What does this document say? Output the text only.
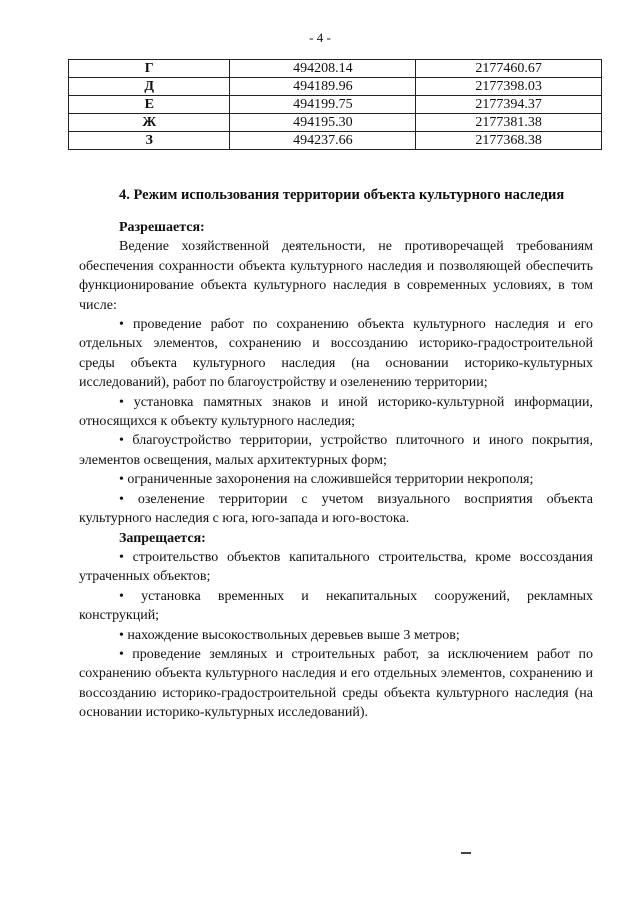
- 4 -
Г	494208.14	2177460.67
Д	494189.96	2177398.03
Е	494199.75	2177394.37
Ж	494195.30	2177381.38
З	494237.66	2177368.38
4. Режим использования территории объекта культурного наследия

Разрешается:

Ведение хозяйственной деятельности, не противоречащей требованиям обеспечения сохранности объекта культурного наследия и позволяющей обеспечить функционирование объекта культурного наследия в современных условиях, в том числе:

• проведение работ по сохранению объекта культурного наследия и его отдельных элементов, сохранению и воссозданию историко-градостроительной среды объекта культурного наследия (на основании историко-культурных исследований), работ по благоустройству и озеленению территории;

• установка памятных знаков и иной историко-культурной информации, относящихся к объекту культурного наследия;

• благоустройство территории, устройство плиточного и иного покрытия, элементов освещения, малых архитектурных форм;

• ограниченные захоронения на сложившейся территории некрополя;

• озеленение территории с учетом визуального восприятия объекта культурного наследия с юга, юго-запада и юго-востока.

Запрещается:

• строительство объектов капитального строительства, кроме воссоздания утраченных объектов;

• установка временных и некапитальных сооружений, рекламных конструкций;

• нахождение высокоствольных деревьев выше 3 метров;

• проведение земляных и строительных работ, за исключением работ по сохранению объекта культурного наследия и его отдельных элементов, сохранению и воссозданию историко-градостроительной среды объекта культурного наследия (на основании историко-культурных исследований).
